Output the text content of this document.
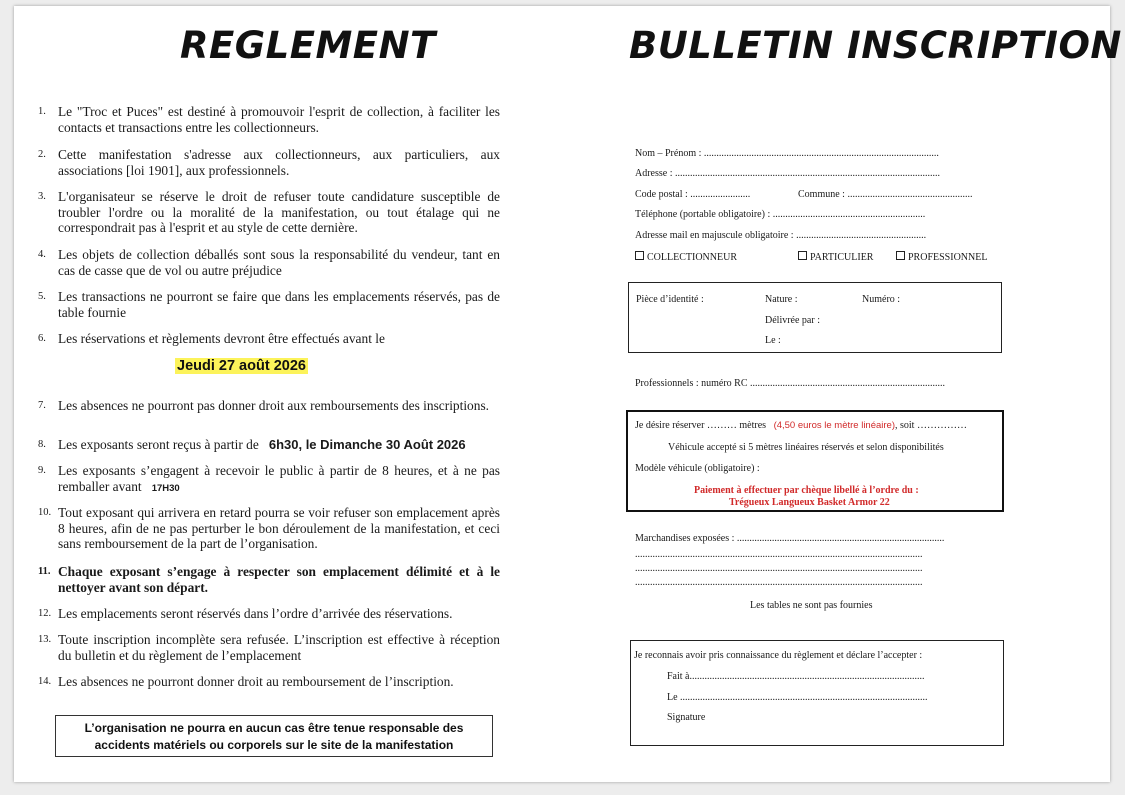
REGLEMENT
1. Le "Troc et Puces" est destiné à promouvoir l'esprit de collection, à faciliter les contacts et transactions entre les collectionneurs.
2. Cette manifestation s'adresse aux collectionneurs, aux particuliers, aux associations [loi 1901], aux professionnels.
3. L'organisateur se réserve le droit de refuser toute candidature susceptible de troubler l'ordre ou la moralité de la manifestation, ou tout étalage qui ne correspondrait pas à l'esprit et au style de cette dernière.
4. Les objets de collection déballés sont sous la responsabilité du vendeur, tant en cas de casse que de vol ou autre préjudice
5. Les transactions ne pourront se faire que dans les emplacements réservés, pas de table fournie
6. Les réservations et règlements devront être effectués avant le
Jeudi 27 août 2026
7. Les absences ne pourront pas donner droit aux remboursements des inscriptions.
8. Les exposants seront reçus à partir de 6h30, le Dimanche 30 Août 2026
9. Les exposants s’engagent à recevoir le public à partir de 8 heures, et à ne pas remballer avant 17H30
10. Tout exposant qui arrivera en retard pourra se voir refuser son emplacement après 8 heures, afin de ne pas perturber le bon déroulement de la manifestation, et ceci sans remboursement de la part de l’organisation.
11. Chaque exposant s’engage à respecter son emplacement délimité et à le nettoyer avant son départ.
12. Les emplacements seront réservés dans l’ordre d’arrivée des réservations.
13. Toute inscription incomplète sera refusée. L’inscription est effective à réception du bulletin et du règlement de l’emplacement
14. Les absences ne pourront donner droit au remboursement de l’inscription.
L’organisation ne pourra en aucun cas être tenue responsable des accidents matériels ou corporels sur le site de la manifestation
BULLETIN INSCRIPTION
Nom – Prénom : ..............................................................................................
Adresse : ..........................................................................................................
Code postal : ........................	Commune : ..................................................
Téléphone (portable obligatoire) : .............................................................
Adresse mail en majuscule obligatoire : ....................................................
COLLECTIONNEUR	PARTICULIER	PROFESSIONNEL
Pièce d’identité :	Nature :	Numéro :
Délivrée par :
Le :
Professionnels : numéro RC ..............................................................................
Je désire réserver ……… mètres (4,50 euros le mètre linéaire), soit ……………
Véhicule accepté si 5 mètres linéaires réservés et selon disponibilités
Modèle véhicule (obligatoire) :
Paiement à effectuer par chèque libellé à l’ordre du :
Trégueux Langueux Basket Armor 22
Marchandises exposées : ...................................................................................
...................................................................................................................
...................................................................................................................
...................................................................................................................
Les tables ne sont pas fournies
Je reconnais avoir pris connaissance du règlement et déclare l’accepter :
Fait à..............................................................................................
Le ...................................................................................................
Signature
